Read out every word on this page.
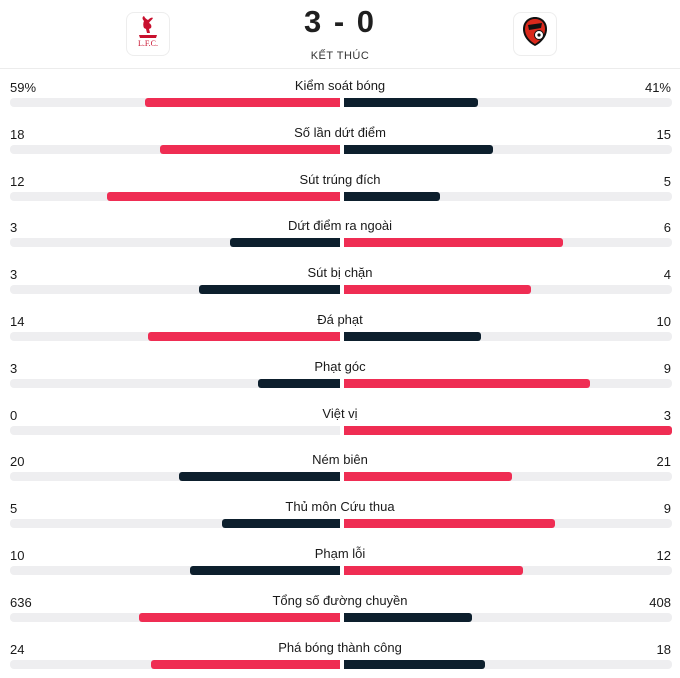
L.F.C.
3 - 0
KẾT THÚC
59%	Kiểm soát bóng	41%
18	Số lần dứt điểm	15
12	Sút trúng đích	5
3	Dứt điểm ra ngoài	6
3	Sút bị chặn	4
14	Đá phạt	10
3	Phạt góc	9
0	Việt vị	3
20	Ném biên	21
5	Thủ môn Cứu thua	9
10	Phạm lỗi	12
636	Tổng số đường chuyền	408
24	Phá bóng thành công	18
